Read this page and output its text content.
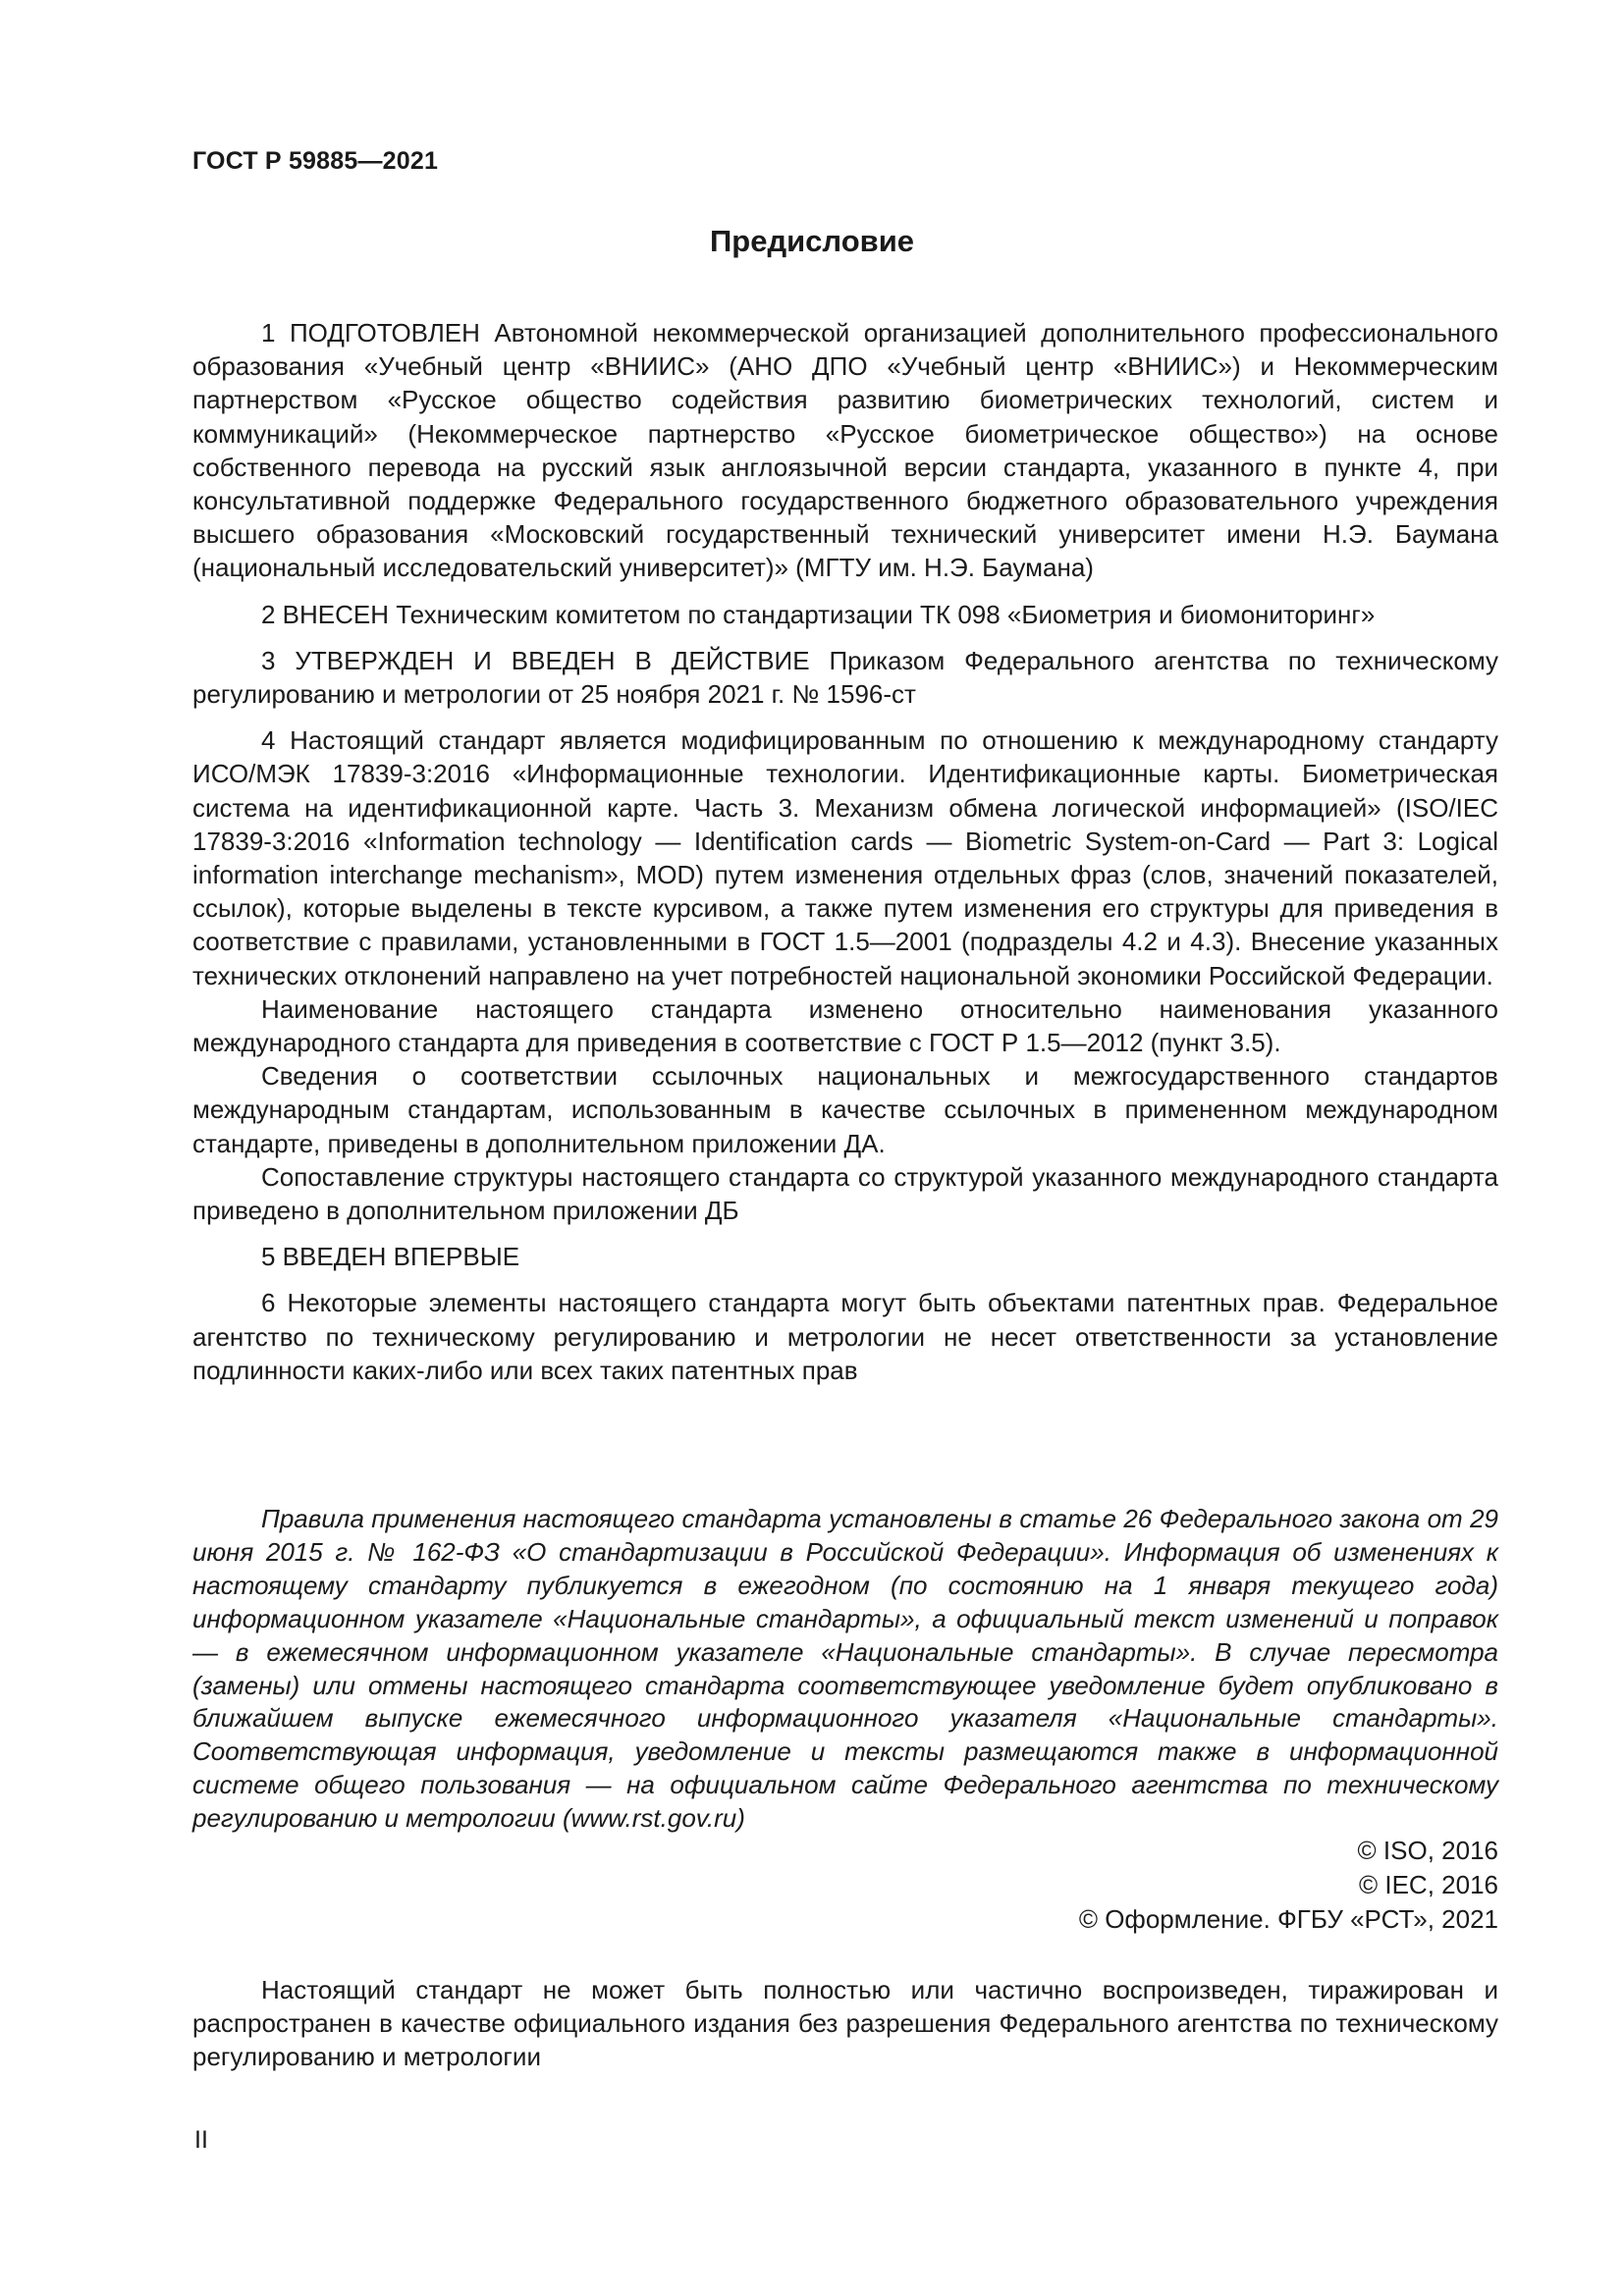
ГОСТ Р 59885—2021
Предисловие

1 ПОДГОТОВЛЕН Автономной некоммерческой организацией дополнительного профессионального образования «Учебный центр «ВНИИС» (АНО ДПО «Учебный центр «ВНИИС») и Некоммерческим партнерством «Русское общество содействия развитию биометрических технологий, систем и коммуникаций» (Некоммерческое партнерство «Русское биометрическое общество») на основе собственного перевода на русский язык англоязычной версии стандарта, указанного в пункте 4, при консультативной поддержке Федерального государственного бюджетного образовательного учреждения высшего образования «Московский государственный технический университет имени Н.Э. Баумана (национальный исследовательский университет)» (МГТУ им. Н.Э. Баумана)

2 ВНЕСЕН Техническим комитетом по стандартизации ТК 098 «Биометрия и биомониторинг»

3 УТВЕРЖДЕН И ВВЕДЕН В ДЕЙСТВИЕ Приказом Федерального агентства по техническому регулированию и метрологии от 25 ноября 2021 г. № 1596-ст

4 Настоящий стандарт является модифицированным по отношению к международному стандарту ИСО/МЭК 17839-3:2016 «Информационные технологии. Идентификационные карты. Биометрическая система на идентификационной карте. Часть 3. Механизм обмена логической информацией» (ISO/IEC 17839-3:2016 «Information technology — Identification cards — Biometric System-on-Card — Part 3: Logical information interchange mechanism», MOD) путем изменения отдельных фраз (слов, значений показателей, ссылок), которые выделены в тексте курсивом, а также путем изменения его структуры для приведения в соответствие с правилами, установленными в ГОСТ 1.5—2001 (подразделы 4.2 и 4.3). Внесение указанных технических отклонений направлено на учет потребностей национальной экономики Российской Федерации.

Наименование настоящего стандарта изменено относительно наименования указанного международного стандарта для приведения в соответствие с ГОСТ Р 1.5—2012 (пункт 3.5).

Сведения о соответствии ссылочных национальных и межгосударственного стандартов международным стандартам, использованным в качестве ссылочных в примененном международном стандарте, приведены в дополнительном приложении ДА.

Сопоставление структуры настоящего стандарта со структурой указанного международного стандарта приведено в дополнительном приложении ДБ

5 ВВЕДЕН ВПЕРВЫЕ

6 Некоторые элементы настоящего стандарта могут быть объектами патентных прав. Федеральное агентство по техническому регулированию и метрологии не несет ответственности за установление подлинности каких-либо или всех таких патентных прав

Правила применения настоящего стандарта установлены в статье 26 Федерального закона от 29 июня 2015 г. № 162-ФЗ «О стандартизации в Российской Федерации». Информация об изменениях к настоящему стандарту публикуется в ежегодном (по состоянию на 1 января текущего года) информационном указателе «Национальные стандарты», а официальный текст изменений и поправок — в ежемесячном информационном указателе «Национальные стандарты». В случае пересмотра (замены) или отмены настоящего стандарта соответствующее уведомление будет опубликовано в ближайшем выпуске ежемесячного информационного указателя «Национальные стандарты». Соответствующая информация, уведомление и тексты размещаются также в информационной системе общего пользования — на официальном сайте Федерального агентства по техническому регулированию и метрологии (www.rst.gov.ru)

© ISO, 2016
© IEC, 2016
© Оформление. ФГБУ «РСТ», 2021

Настоящий стандарт не может быть полностью или частично воспроизведен, тиражирован и распространен в качестве официального издания без разрешения Федерального агентства по техническому регулированию и метрологии

II
